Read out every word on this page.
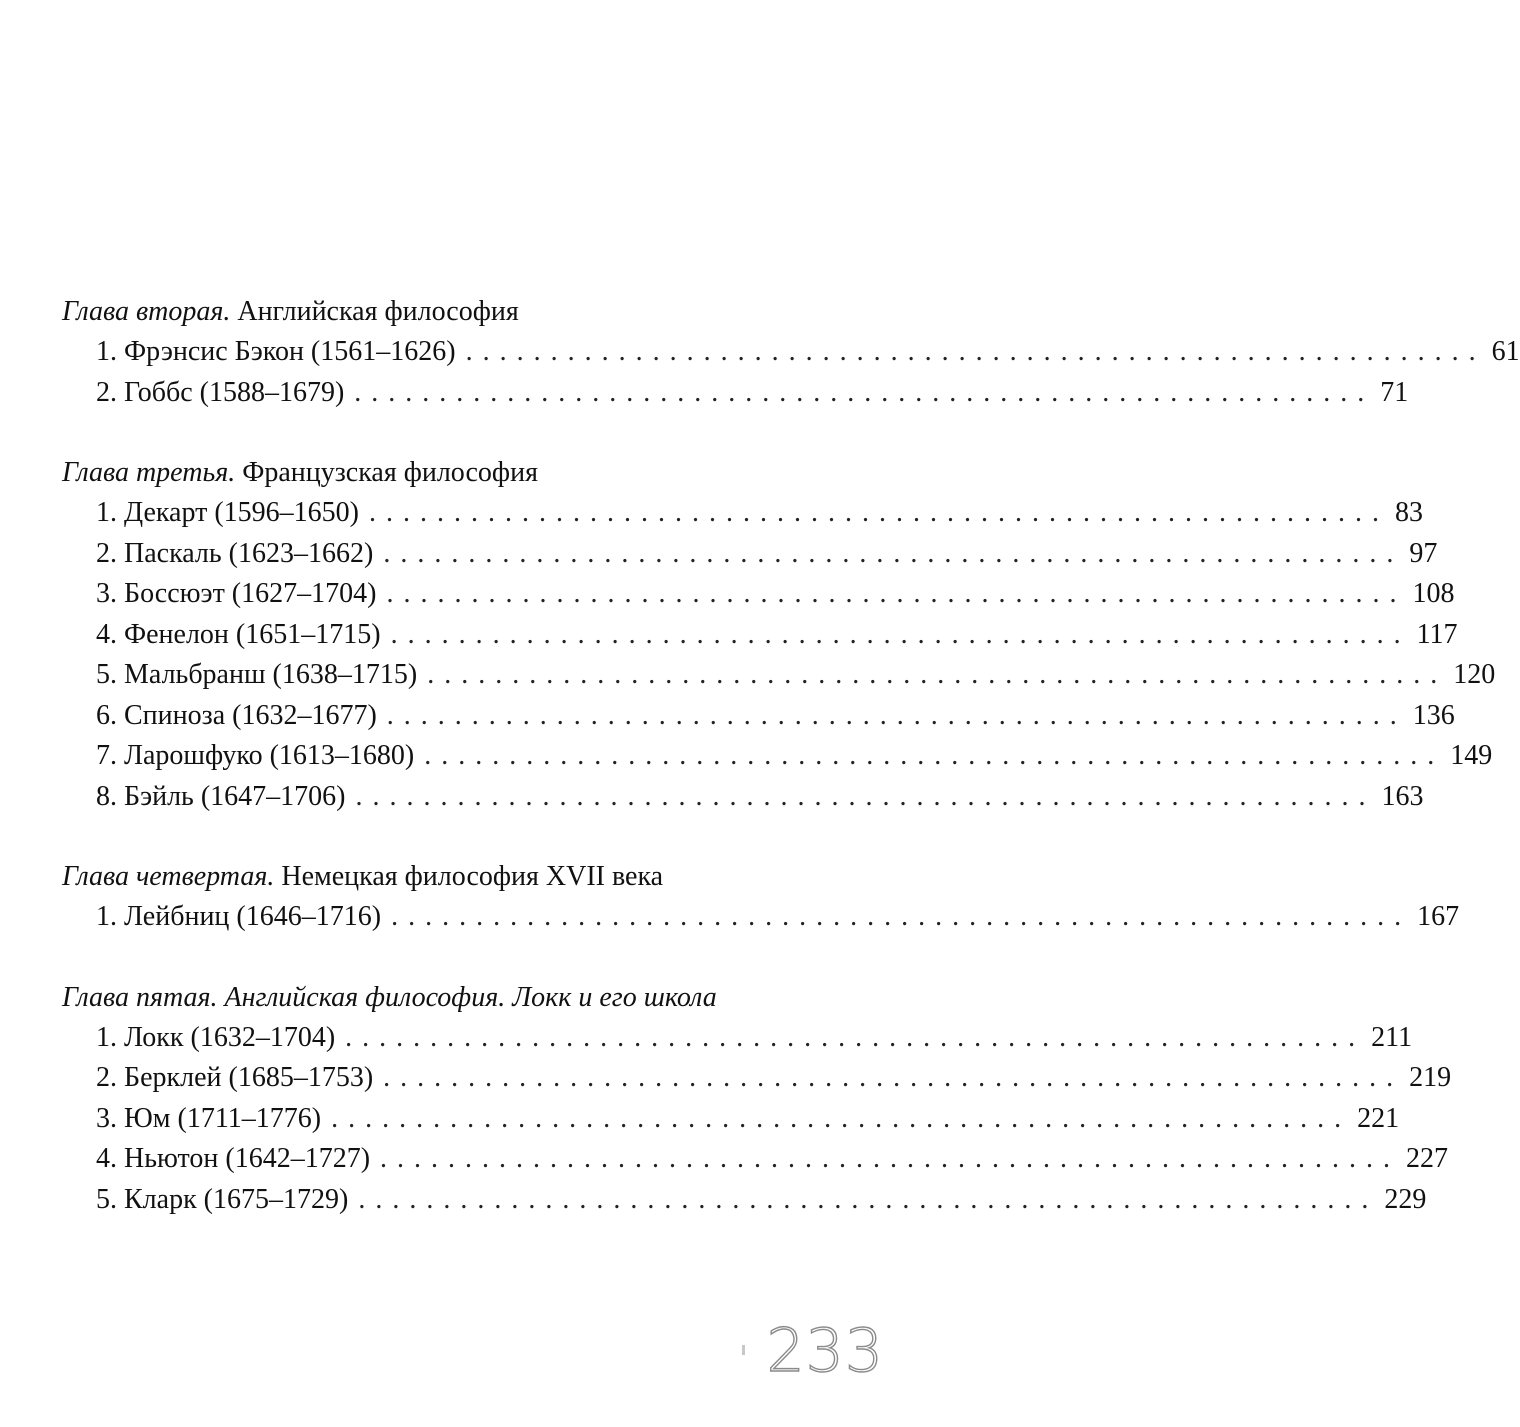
Глава вторая. Английская философия
1. Фрэнсис Бэкон (1561–1626) ............................................................ 61
2. Гоббс (1588–1679) ............................................................ 71
Глава третья. Французская философия
1. Декарт (1596–1650) ............................................................ 83
2. Паскаль (1623–1662) ............................................................ 97
3. Боссюэт (1627–1704) ............................................................ 108
4. Фенелон (1651–1715) ............................................................ 117
5. Мальбранш (1638–1715) ............................................................ 120
6. Спиноза (1632–1677) ............................................................ 136
7. Ларошфуко (1613–1680) ............................................................ 149
8. Бэйль (1647–1706) ............................................................ 163
Глава четвертая. Немецкая философия XVII века
1. Лейбниц (1646–1716) ............................................................ 167
Глава пятая. Английская философия. Локк и его школа
1. Локк (1632–1704) ............................................................ 211
2. Берклей (1685–1753) ............................................................ 219
3. Юм (1711–1776) ............................................................ 221
4. Ньютон (1642–1727) ............................................................ 227
5. Кларк (1675–1729) ............................................................ 229
233
